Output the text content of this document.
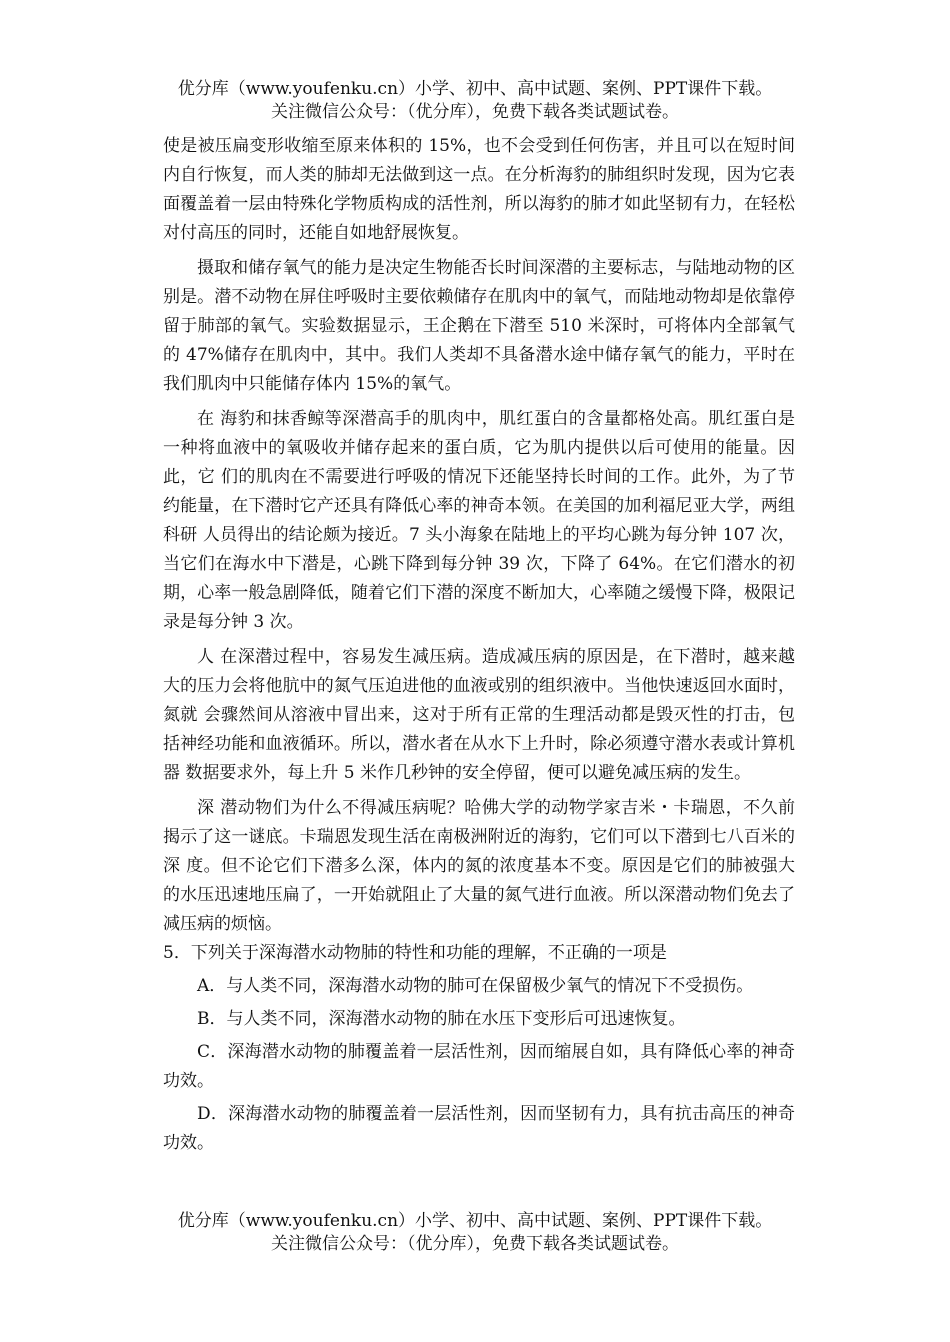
优分库（www.youfenku.cn）小学、初中、高中试题、案例、PPT课件下载。
关注微信公众号：（优分库），免费下载各类试题试卷。

使是被压扁变形收缩至原来体积的 15%，也不会受到任何伤害，并且可以在短时间内自行恢复，而人类的肺却无法做到这一点。在分析海豹的肺组织时发现，因为它表面覆盖着一层由特殊化学物质构成的活性剂，所以海豹的肺才如此坚韧有力，在轻松对付高压的同时，还能自如地舒展恢复。

摄取和储存氧气的能力是决定生物能否长时间深潜的主要标志，与陆地动物的区别是。潜不动物在屏住呼吸时主要依赖储存在肌肉中的氧气，而陆地动物却是依靠停留于肺部的氧气。实验数据显示，王企鹅在下潜至 510 米深时，可将体内全部氧气的 47%储存在肌肉中，其中。我们人类却不具备潜水途中储存氧气的能力，平时在我们肌肉中只能储存体内 15%的氧气。

在 海豹和抹香鲸等深潜高手的肌肉中，肌红蛋白的含量都格处高。肌红蛋白是一种将血液中的氧吸收并储存起来的蛋白质，它为肌内提供以后可使用的能量。因此，它 们的肌肉在不需要进行呼吸的情况下还能坚持长时间的工作。此外，为了节约能量，在下潜时它产还具有降低心率的神奇本领。在美国的加利福尼亚大学，两组科研 人员得出的结论颇为接近。7 头小海象在陆地上的平均心跳为每分钟 107 次，当它们在海水中下潜是，心跳下降到每分钟 39 次，下降了 64%。在它们潜水的初期，心率一般急剧降低，随着它们下潜的深度不断加大，心率随之缓慢下降，极限记录是每分钟 3 次。

人 在深潜过程中，容易发生减压病。造成减压病的原因是，在下潜时，越来越大的压力会将他肮中的氮气压迫进他的血液或别的组织液中。当他快速返回水面时，氮就 会骤然间从溶液中冒出来，这对于所有正常的生理活动都是毁灭性的打击，包括神经功能和血液循环。所以，潜水者在从水下上升时，除必须遵守潜水表或计算机器 数据要求外，每上升 5 米作几秒钟的安全停留，便可以避免减压病的发生。

深 潜动物们为什么不得减压病呢？哈佛大学的动物学家吉米・卡瑞恩，不久前揭示了这一谜底。卡瑞恩发现生活在南极洲附近的海豹，它们可以下潜到七八百米的深 度。但不论它们下潜多么深，体内的氮的浓度基本不变。原因是它们的肺被强大的水压迅速地压扁了，一开始就阻止了大量的氮气进行血液。所以深潜动物们免去了 减压病的烦恼。

5．下列关于深海潜水动物肺的特性和功能的理解，不正确的一项是

A．与人类不同，深海潜水动物的肺可在保留极少氧气的情况下不受损伤。

B．与人类不同，深海潜水动物的肺在水压下变形后可迅速恢复。

C．深海潜水动物的肺覆盖着一层活性剂，因而缩展自如，具有降低心率的神奇功效。

D．深海潜水动物的肺覆盖着一层活性剂，因而坚韧有力，具有抗击高压的神奇功效。

优分库（www.youfenku.cn）小学、初中、高中试题、案例、PPT课件下载。
关注微信公众号：（优分库），免费下载各类试题试卷。
